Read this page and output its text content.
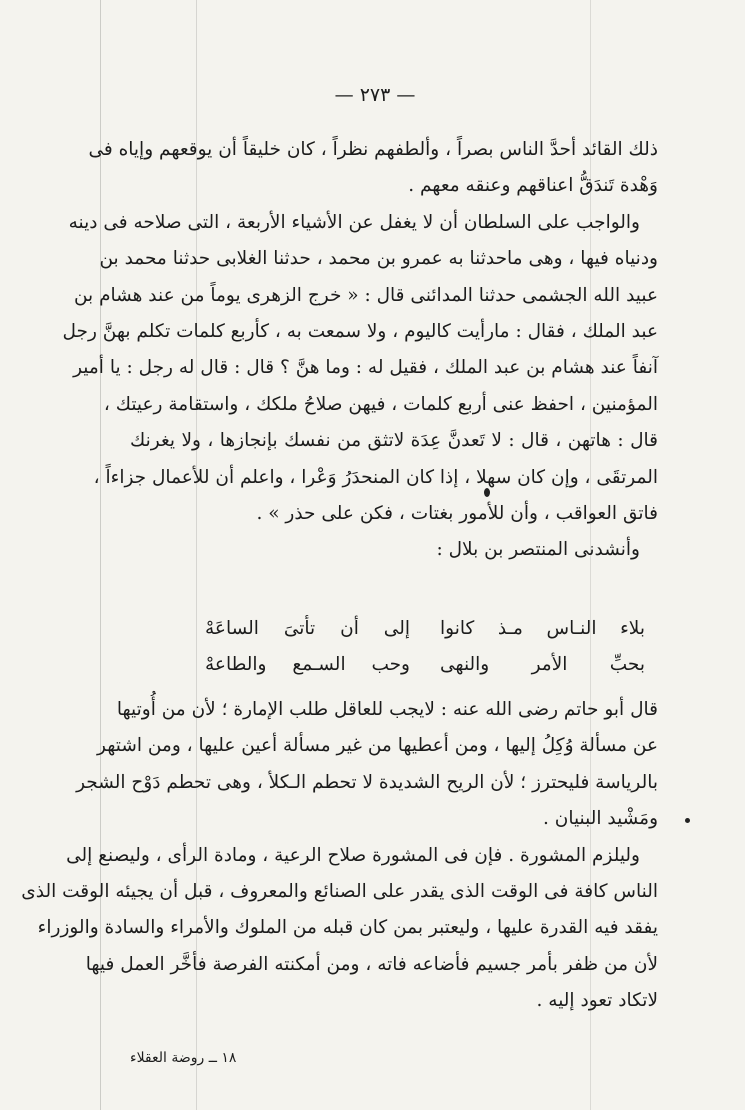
— ٢٧٣ —
ذلك القائد أحدَّ الناس بصراً ، وألطفهم نظراً ، كان خليقاً أن يوقعهم وإياه فى
وَهْدة تَندَقُّ اعناقهم وعنقه معهم .
والواجب على السلطان أن لا يغفل عن الأشياء الأربعة ، التى صلاحه فى دينه
ودنياه فيها ، وهى ماحدثنا به عمرو بن محمد ، حدثنا الغلابى حدثنا محمد بن
عبيد الله الجشمى حدثنا المدائنى قال : « خرج الزهرى يوماً من عند هشام بن
عبد الملك ، فقال : مارأيت كاليوم ، ولا سمعت به ، كأربع كلمات تكلم بهنَّ رجل
آنفاً عند هشام بن عبد الملك ، فقيل له : وما هنَّ ؟ قال : قال له رجل : يا أمير
المؤمنين ، احفظ عنى أربع كلمات ، فيهن صلاحُ ملكك ، واستقامة رعيتك ،
قال : هاتهن ، قال : لا تَعدنَّ عِدَة لاتثق من نفسك بإنجازها ، ولا يغرنك
المرتقَى ، وإن كان سهلا ، إذا كان المنحدَرُ وَعْرا ، واعلم أن للأعمال جزاءاً ،
فاتق العواقب ، وأن للأمور بغتات ، فكن على حذر » .
وأنشدنى المنتصر بن بلال :
بلاء النـاس مـذ كانوا
إلى أن تأتىَ الساعَهْ
بحبِّ الأمر والنهى
وحب السـمع والطاعهْ
قال أبو حاتم رضى الله عنه : لايجب للعاقل طلب الإمارة ؛ لأن من أُوتيها
عن مسألة وُكِلُ إليها ، ومن أعطيها من غير مسألة أعين عليها ، ومن اشتهر
بالرياسة فليحترز ؛ لأن الريح الشديدة لا تحطم الـكلأ ، وهى تحطم دَوْح الشجر
ومَشْيد البنيان .
وليلزم المشورة . فإن فى المشورة صلاح الرعية ، ومادة الرأى ، وليصنع إلى
الناس كافة فى الوقت الذى يقدر على الصنائع والمعروف ، قبل أن يجيئه الوقت الذى
يفقد فيه القدرة عليها ، وليعتبر بمن كان قبله من الملوك والأمراء والسادة والوزراء
لأن من ظفر بأمر جسيم فأضاعه فاته ، ومن أمكنته الفرصة فأخَّر العمل فيها
لاتكاد تعود إليه .
١٨ ــ روضة العقلاء
